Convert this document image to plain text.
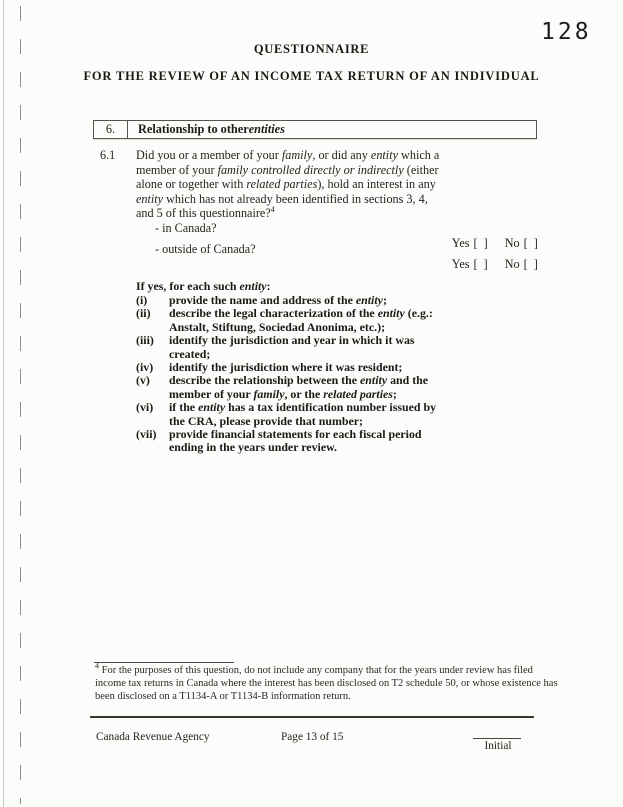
128
QUESTIONNAIRE
FOR THE REVIEW OF AN INCOME TAX RETURN OF AN INDIVIDUAL
6.	Relationship to other entities
6.1 Did you or a member of your family, or did any entity which a
member of your family controlled directly or indirectly (either
alone or together with related parties), hold an interest in any
entity which has not already been identified in sections 3, 4,
and 5 of this questionnaire?$^4$
- in Canada?

Yes [  ] No [  ]

- outside of Canada?

Yes [  ] No [  ]

If yes, for each such entity:
(i)	provide the name and address of the entity;
(ii)	describe the legal characterization of the entity (e.g.:
Anstalt, Stiftung, Sociedad Anonima, etc.);
(iii)	identify the jurisdiction and year in which it was
created;
(iv)	identify the jurisdiction where it was resident;
(v)	describe the relationship between the entity and the
member of your family, or the related parties;
(vi)	if the entity has a tax identification number issued by
the CRA, please provide that number;
(vii)	provide financial statements for each fiscal period
ending in the years under review.
$^4$ For the purposes of this question, do not include any company that for the years under review has filed
income tax returns in Canada where the interest has been disclosed on T2 schedule 50, or whose existence has
been disclosed on a T1134-A or T1134-B information return.
Canada Revenue Agency	Page 13 of 15
Initial
